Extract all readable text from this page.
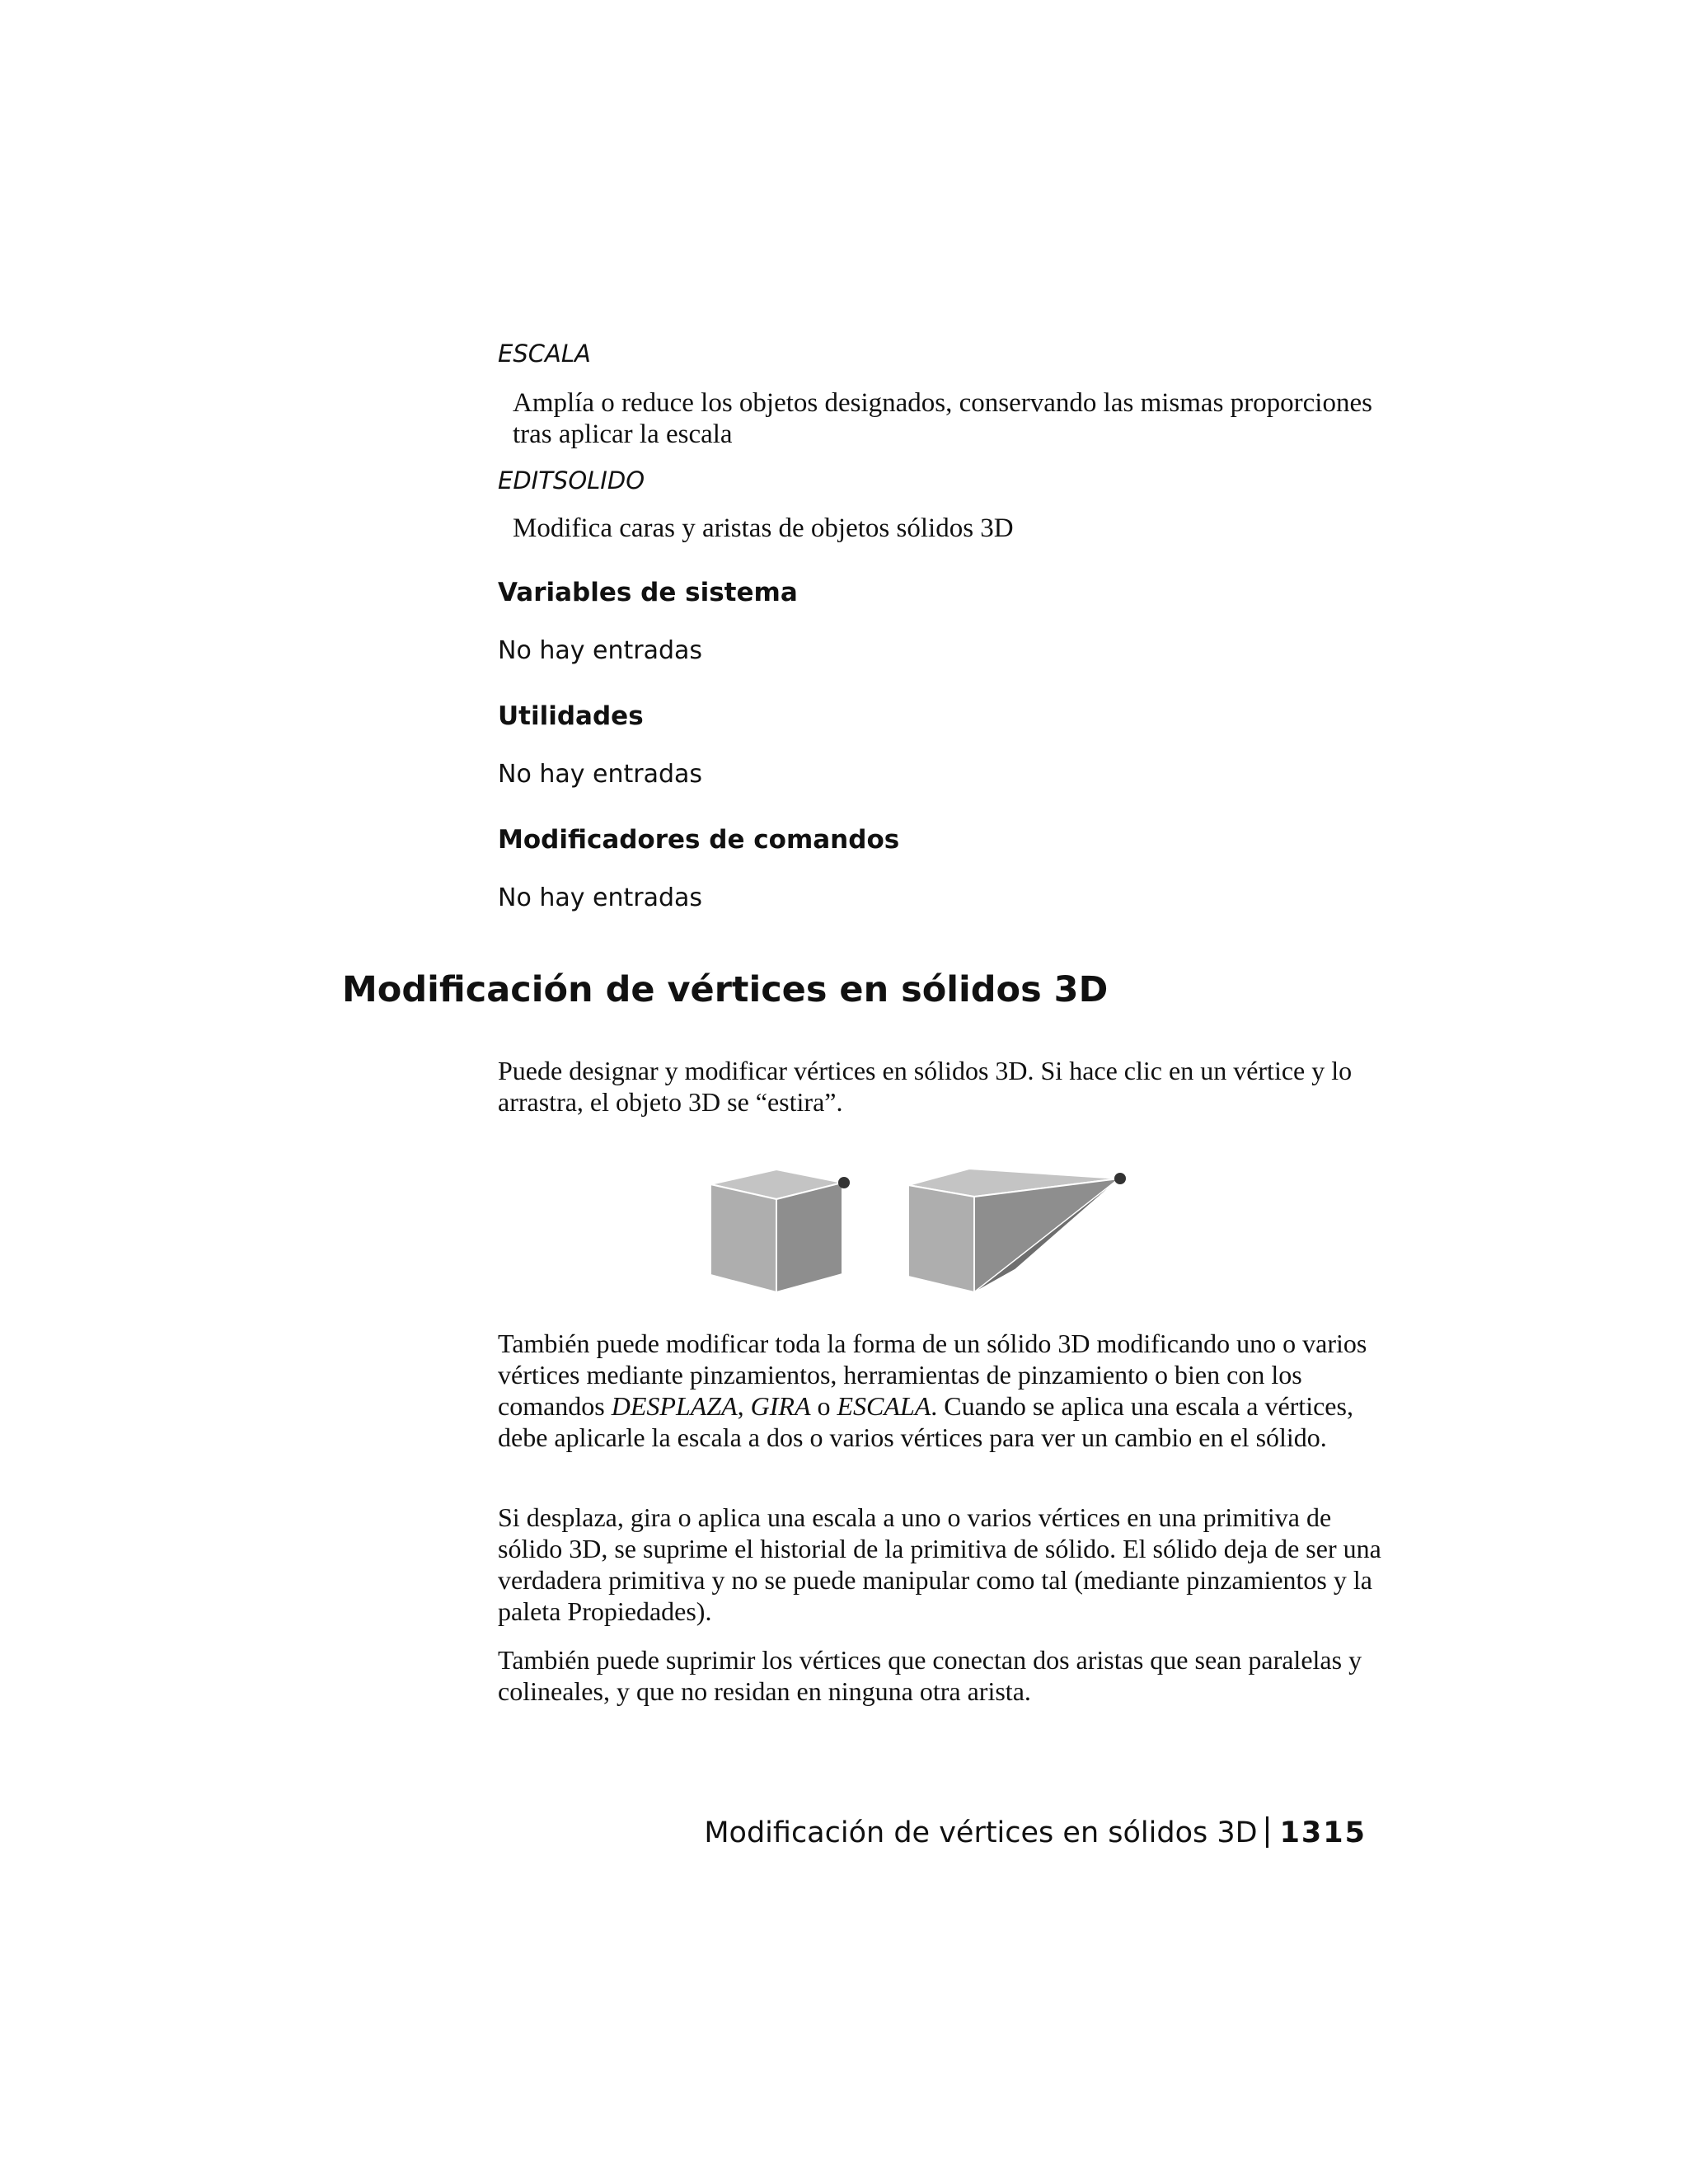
ESCALA
Amplía o reduce los objetos designados, conservando las mismas proporciones tras aplicar la escala
EDITSOLIDO
Modifica caras y aristas de objetos sólidos 3D
Variables de sistema
No hay entradas
Utilidades
No hay entradas
Modificadores de comandos
No hay entradas
Modificación de vértices en sólidos 3D

Puede designar y modificar vértices en sólidos 3D. Si hace clic en un vértice y lo arrastra, el objeto 3D se “estira”.

También puede modificar toda la forma de un sólido 3D modificando uno o varios vértices mediante pinzamientos, herramientas de pinzamiento o bien con los comandos DESPLAZA, GIRA o ESCALA. Cuando se aplica una escala a vértices, debe aplicarle la escala a dos o varios vértices para ver un cambio en el sólido.

Si desplaza, gira o aplica una escala a uno o varios vértices en una primitiva de sólido 3D, se suprime el historial de la primitiva de sólido. El sólido deja de ser una verdadera primitiva y no se puede manipular como tal (mediante pinzamientos y la paleta Propiedades).

También puede suprimir los vértices que conectan dos aristas que sean paralelas y colineales, y que no residan en ninguna otra arista.

Modificación de vértices en sólidos 3D 1315
